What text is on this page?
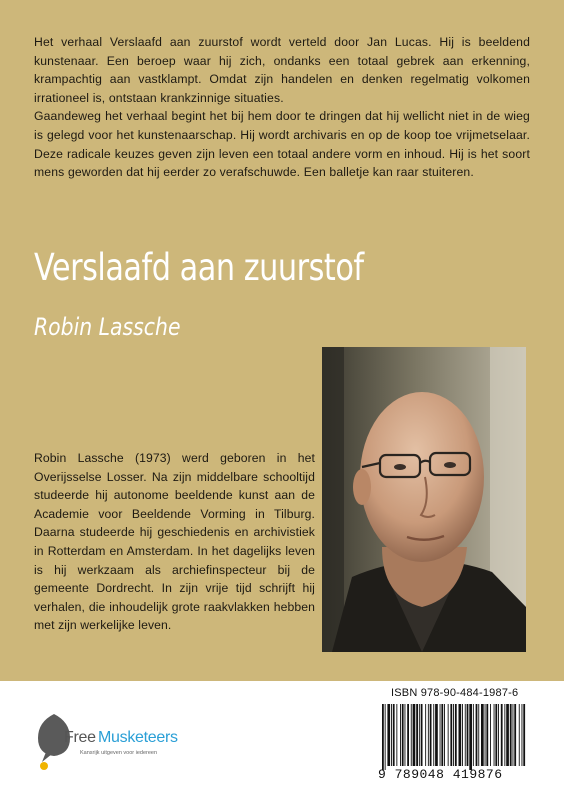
Het verhaal Verslaafd aan zuurstof wordt verteld door Jan Lucas. Hij is beeldend kunstenaar. Een beroep waar hij zich, ondanks een totaal gebrek aan erkenning, krampachtig aan vastklampt. Omdat zijn handelen en denken regelmatig volkomen irrationeel is, ontstaan krankzinnige situaties.

Gaandeweg het verhaal begint het bij hem door te dringen dat hij wellicht niet in de wieg is gelegd voor het kunstenaarschap. Hij wordt archivaris en op de koop toe vrijmetselaar. Deze radicale keuzes geven zijn leven een totaal andere vorm en inhoud. Hij is het soort mens geworden dat hij eerder zo verafschuwde. Een balletje kan raar stuiteren.

Verslaafd aan zuurstof
Robin Lassche

Robin Lassche (1973) werd geboren in het Overijsselse Losser. Na zijn middelbare schooltijd studeerde hij autonome beeldende kunst aan de Academie voor Beeldende Vorming in Tilburg. Daarna studeerde hij geschiedenis en archivistiek in Rotterdam en Amsterdam. In het dagelijks leven is hij werkzaam als archiefinspecteur bij de gemeente Dordrecht. In zijn vrije tijd schrijft hij verhalen, die inhoudelijk grote raakvlakken hebben met zijn werkelijke leven.

Free Musketeers
Kansrijk uitgeven voor iedereen
ISBN 978-90-484-1987-6
9 789048 419876
